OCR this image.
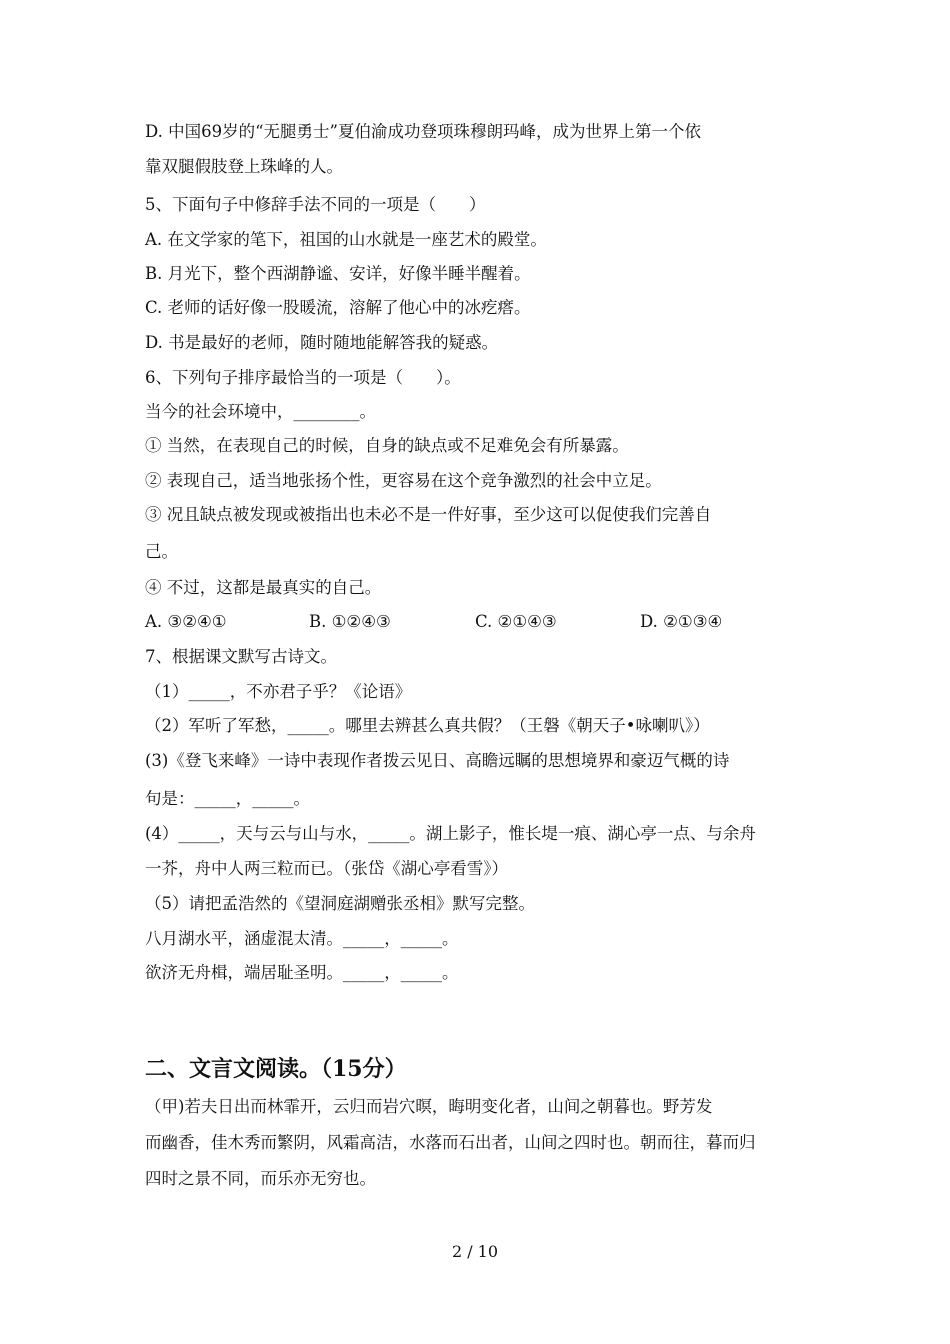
D. 中国69岁的“无腿勇士”夏伯渝成功登项珠穆朗玛峰，成为世界上第一个依
靠双腿假肢登上珠峰的人。
5、下面句子中修辞手法不同的一项是（　　）
A. 在文学家的笔下，祖国的山水就是一座艺术的殿堂。
B. 月光下，整个西湖静谧、安详，好像半睡半醒着。
C. 老师的话好像一股暖流，溶解了他心中的冰疙瘩。
D. 书是最好的老师，随时随地能解答我的疑惑。
6、下列句子排序最恰当的一项是（　　）。
当今的社会环境中，________。
① 当然，在表现自己的时候，自身的缺点或不足难免会有所暴露。
② 表现自己，适当地张扬个性，更容易在这个竞争激烈的社会中立足。
③ 况且缺点被发现或被指出也未必不是一件好事，至少这可以促使我们完善自
己。
④ 不过，这都是最真实的自己。
A. ③②④①	B. ①②④③	C. ②①④③	D. ②①③④
7、根据课文默写古诗文。
（1）_____，不亦君子乎？《论语》
（2）军听了军愁，_____。哪里去辨甚么真共假？（王磐《朝天子•咏喇叭》）
(3)《登飞来峰》一诗中表现作者拨云见日、高瞻远瞩的思想境界和豪迈气概的诗
句是：_____，_____。
(4）_____，天与云与山与水，_____。湖上影子，惟长堤一痕、湖心亭一点、与余舟
一芥，舟中人两三粒而已。（张岱《湖心亭看雪》）
（5）请把孟浩然的《望洞庭湖赠张丞相》默写完整。
八月湖水平，涵虚混太清。_____，_____。
欲济无舟楫，端居耻圣明。_____，_____。
二、文言文阅读。（15分）
（甲)若夫日出而林霏开，云归而岩穴暝，晦明变化者，山间之朝暮也。野芳发
而幽香，佳木秀而繁阴，风霜高洁，水落而石出者，山间之四时也。朝而往，暮而归
四时之景不同，而乐亦无穷也。
2 / 10
